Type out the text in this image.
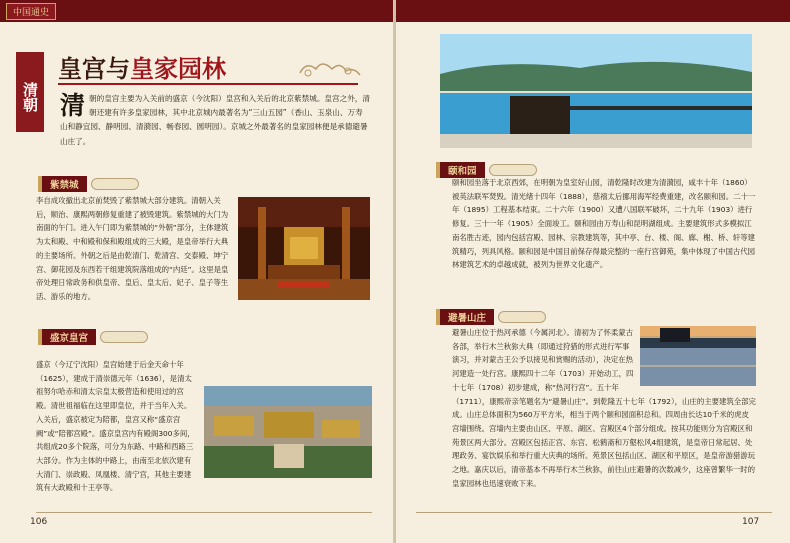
中国通史
清朝
皇宫与皇家园林
清朝的皇宫主要为入关前的盛京（今沈阳）皇宫和入关后的北京紫禁城。皇宫之外，清朝还建有许多皇家园林，其中北京城内最著名为“三山五园”（香山、玉泉山、万寿山和静宜园、静明园、清漪园、畅春园、圆明园）。京城之外最著名的皇家园林便是承德避暑山庄了。
紫禁城
李自成攻撤出北京前焚毁了紫禁城大部分建筑。清朝入关后，顺治、康熙两朝修复重建了被毁建筑。紫禁城的大门为南面的午门。进入午门即为紫禁城的“外朝”部分，主体建筑为太和殿、中和殿和保和殿组成的三大殿，是皇帝举行大典的主要场所。外朝之后是由乾清门、乾清宫、交泰殿、坤宁宫、御花园及东西若干组建筑院落组成的“内廷”。这里是皇帝处理日常政务和供皇帝、皇后、皇太后、妃子、皇子等生活、游乐的地方。
盛京皇宫
盛京（今辽宁沈阳）皇宫始建于后金天命十年（1625），建成于清崇德元年（1636），是清太祖努尔哈赤和清太宗皇太极营造和使用过的宫殿。清世祖福临在这里即皇位，并于当年入关。入关后，盛京被定为陪都，皇宫又称“盛京宫阙”或“陪都宫殿”。盛京皇宫内有殿阁300多间，共组成20多个院落，可分为东路、中路和西路三大部分。作为主体的中路上，由南至北依次建有大清门、崇政殿、凤凰楼、清宁宫，其他主要建筑有大政殿和十王亭等。
106
颐和园
颐和园坐落于北京西郊，在明朝为皇室好山园，清乾隆时改建为清漪园，咸丰十年（1860）被英法联军焚毁。清光绪十四年（1888），慈禧太后挪用海军经费重建，改名颐和园。二十一年（1895）工程基本结束。二十六年（1900）又遭八国联军破坏，二十九年（1903）进行修复。三十一年（1905）全面竣工。颐和园由万寿山和昆明湖组成。主要建筑形式多模拟江南名胜古迹，园内包括宫殿、园林、宗教建筑等，其中亭、台、楼、阁、廊、榭、桥、轩等建筑精巧，列具风格。颐和园是中国目前保存得最完整的一座行宫御苑，集中体现了中国古代园林建筑艺术的卓越成就，被列为世界文化遗产。
避暑山庄
避暑山庄位于热河承德（今属河北）。清初为了怀柔蒙古各部，举行木兰秋狝大典（即通过狩猎的形式进行军事演习，并对蒙古王公予以接见和赏赐的活动），决定在热河建造一处行宫。康熙四十二年（1703）开始动工，四十七年（1708）初步建成，称“热河行宫”。五十年（1711），康熙帝亲笔题名为“避暑山庄”。到乾隆五十七年（1792），山庄的主要建筑全部完成。山庄总体面积为560万平方米，相当于两个颐和园面积总和。四周由长达10千米的虎皮宫墙围绕。宫墙内主要由山区、平原、湖区、宫殿区4个部分组成。按其功能则分为宫殿区和苑景区两大部分。宫殿区包括正宫、东宫、松鹤斋和万壑松风4组建筑，是皇帝日常起居、处理政务、宴饮娱乐和举行重大庆典的场所。苑景区包括山区、湖区和平原区，是皇帝游猎游玩之地。嘉庆以后，清帝基本不再举行木兰秋狝，前往山庄避暑的次数减少，这座曾繁华一时的皇家园林也迅速衰败下来。
107
